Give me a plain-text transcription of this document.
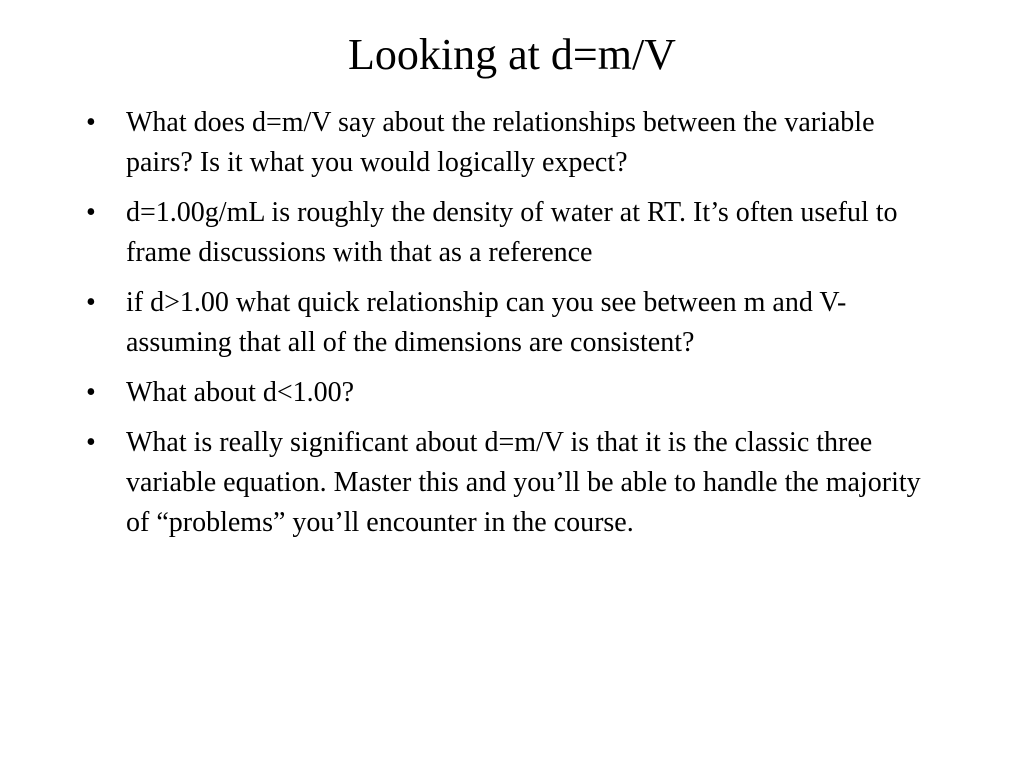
Looking at d=m/V
•	What does d=m/V say about the relationships between the variable pairs? Is it what you would logically expect?
•	d=1.00g/mL is roughly the density of water at RT. It’s often useful to frame discussions with that as a reference
•	if d>1.00 what quick relationship can you see between m and V-assuming that all of the dimensions are consistent?
•	What about d<1.00?
•	What is really significant about d=m/V is that it is the classic three variable equation. Master this and you’ll be able to handle the majority of “problems” you’ll encounter in the course.
